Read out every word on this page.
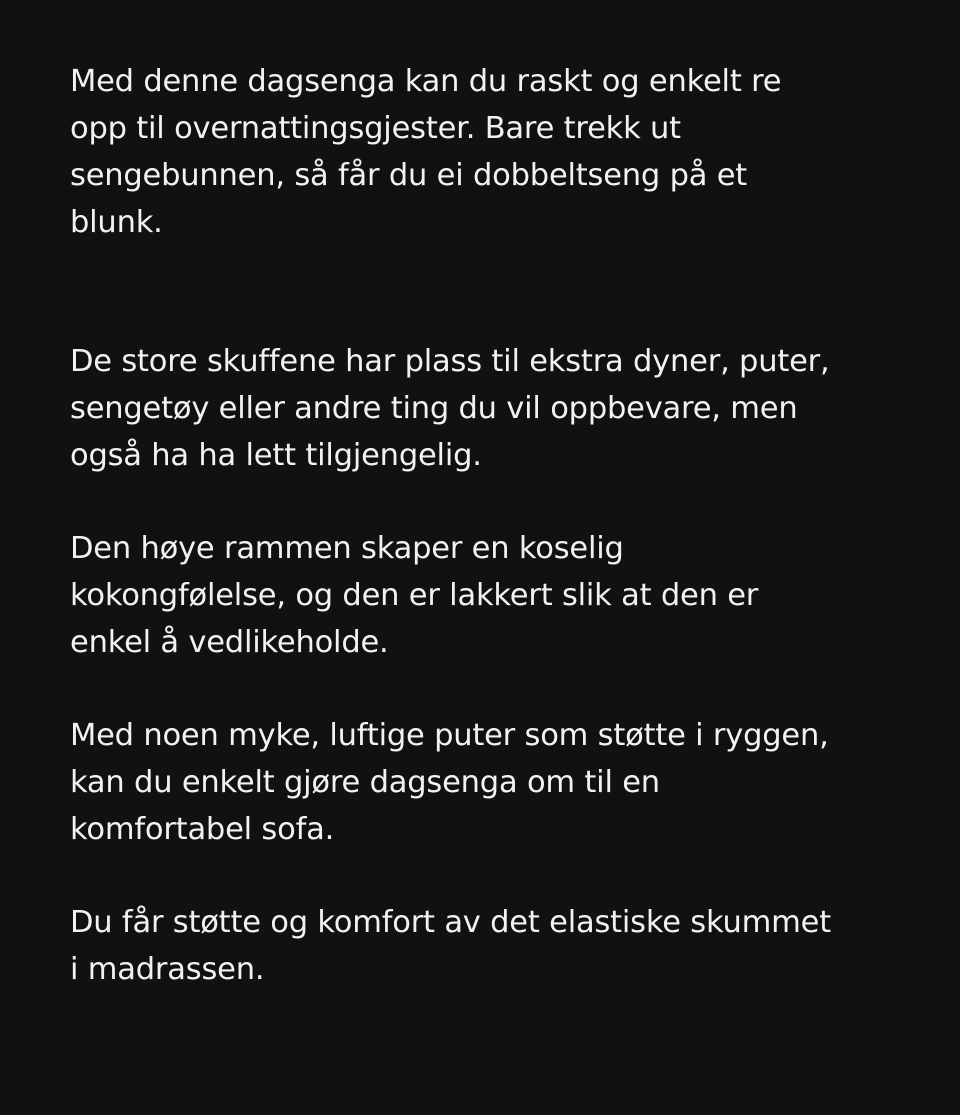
Med denne dagsenga kan du raskt og enkelt re
opp til overnattingsgjester. Bare trekk ut
sengebunnen, så får du ei dobbeltseng på et
blunk.

De store skuffene har plass til ekstra dyner, puter,
sengetøy eller andre ting du vil oppbevare, men
også ha ha lett tilgjengelig.

Den høye rammen skaper en koselig
kokongfølelse, og den er lakkert slik at den er
enkel å vedlikeholde.

Med noen myke, luftige puter som støtte i ryggen,
kan du enkelt gjøre dagsenga om til en
komfortabel sofa.

Du får støtte og komfort av det elastiske skummet
i madrassen.
